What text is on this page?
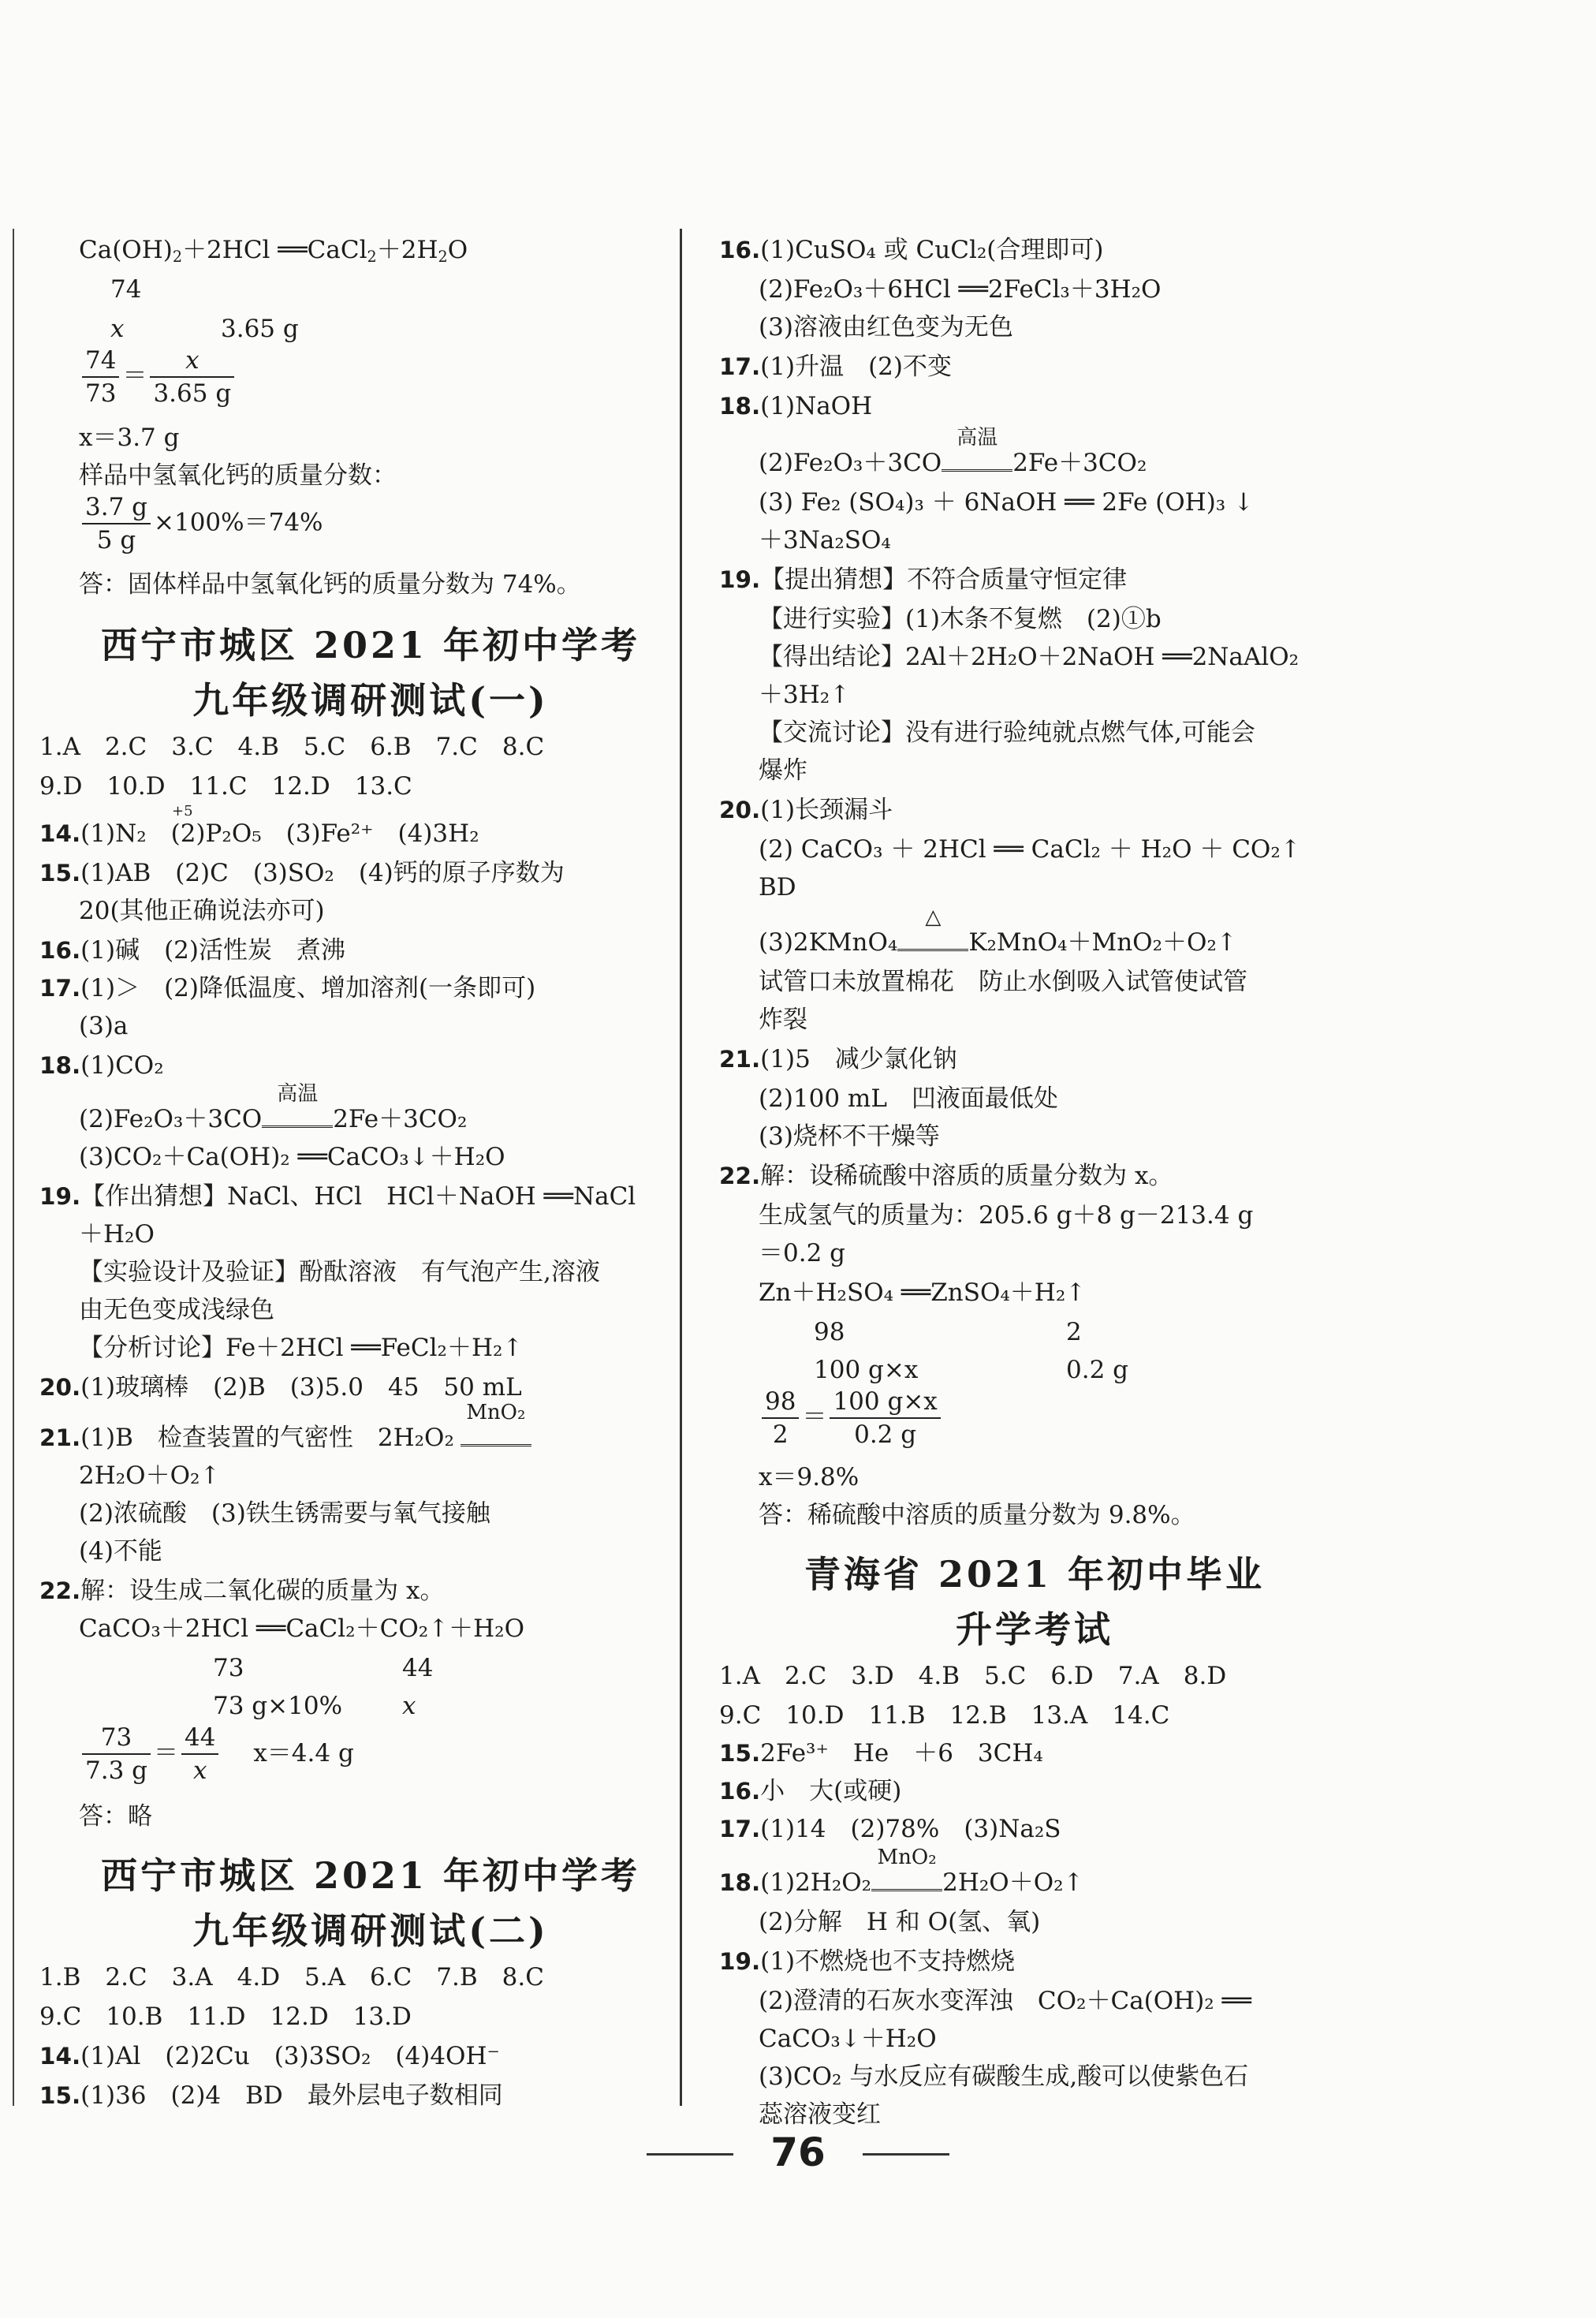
$Ca(OH)_2+2HCl$ $══CaCl_2+2H_2O$
74
x	3.65 g
$\frac{74}{73} = \frac{x}{3.65 g}$
x＝3.7 g
样品中氢氧化钙的质量分数：
$\frac{3.7 g}{5 g} \times 100\%=74\%$
答：固体样品中氢氧化钙的质量分数为 74%。
西宁市城区 2021 年初中学考
九年级调研测试(一)
1.A　2.C　3.C　4.B　5.C　6.B　7.C　8.C
9.D　10.D　11.C　12.D　13.C
14.(1)N₂　(2)P₂O₅　(3)Fe²⁺　(4)3H₂
+5
15.(1)AB　(2)C　(3)SO₂　(4)钙的原子序数为
20(其他正确说法亦可)
16.(1)碱　(2)活性炭　煮沸
17.(1)＞　(2)降低温度、增加溶剂(一条即可)
(3)a
18.(1)CO₂
(2)Fe₂O₃＋3CO
高温
2Fe＋3CO₂
(3)CO₂＋Ca(OH)₂ ══CaCO₃↓＋H₂O
19.【作出猜想】NaCl、HCl　HCl＋NaOH ══NaCl
＋H₂O
【实验设计及验证】酚酞溶液　有气泡产生,溶液
由无色变成浅绿色
【分析讨论】Fe＋2HCl ══FeCl₂＋H₂↑
20.(1)玻璃棒　(2)B　(3)5.0　45　50 mL
21.(1)B　检查装置的气密性　2H₂O₂
MnO₂
2H₂O＋O₂↑
(2)浓硫酸　(3)铁生锈需要与氧气接触
(4)不能
22.解：设生成二氧化碳的质量为 x。
CaCO₃＋2HCl ══CaCl₂＋CO₂↑＋H₂O
73	44
73 g×10% x
$\frac{73}{7.3 g} = \frac{44}{x} x=4.4$ g
答：略
西宁市城区 2021 年初中学考
九年级调研测试(二)
1.B　2.C　3.A　4.D　5.A　6.C　7.B　8.C
9.C　10.B　11.D　12.D　13.D
14.(1)Al　(2)2Cu　(3)3SO₂　(4)4OH⁻
15.(1)36　(2)4　BD　最外层电子数相同
16.(1)CuSO₄ 或 CuCl₂(合理即可)
(2)Fe₂O₃＋6HCl ══2FeCl₃＋3H₂O
(3)溶液由红色变为无色
17.(1)升温　(2)不变
18.(1)NaOH
(2)Fe₂O₃＋3CO
高温
2Fe＋3CO₂
(3) Fe₂ (SO₄)₃ ＋ 6NaOH ══ 2Fe (OH)₃ ↓
＋3Na₂SO₄
19.【提出猜想】不符合质量守恒定律
【进行实验】(1)木条不复燃　(2)①b
【得出结论】2Al＋2H₂O＋2NaOH ══2NaAlO₂
＋3H₂↑
【交流讨论】没有进行验纯就点燃气体,可能会
爆炸
20.(1)长颈漏斗
(2) CaCO₃ ＋ 2HCl ══ CaCl₂ ＋ H₂O ＋ CO₂↑
BD
(3)2KMnO₄
△
K₂MnO₄＋MnO₂＋O₂↑
试管口未放置棉花　防止水倒吸入试管使试管
炸裂
21.(1)5　减少氯化钠
(2)100 mL　凹液面最低处
(3)烧杯不干燥等
22.解：设稀硫酸中溶质的质量分数为 x。
生成氢气的质量为：205.6 g＋8 g－213.4 g
＝0.2 g
Zn＋H₂SO₄ ══ZnSO₄＋H₂↑
98	2
100 g×x	0.2 g
$\frac{98}{2} = \frac{100 g\times x}{0.2 g}$
x＝9.8%
答：稀硫酸中溶质的质量分数为 9.8%。
青海省 2021 年初中毕业
升学考试
1.A　2.C　3.D　4.B　5.C　6.D　7.A　8.D
9.C　10.D　11.B　12.B　13.A　14.C
15.2Fe³⁺　He　＋6　3CH₄
16.小　大(或硬)
17.(1)14　(2)78%　(3)Na₂S
18.(1)2H₂O₂
MnO₂
2H₂O＋O₂↑
(2)分解　H 和 O(氢、氧)
19.(1)不燃烧也不支持燃烧
(2)澄清的石灰水变浑浊　CO₂＋Ca(OH)₂ ══
CaCO₃↓＋H₂O
(3)CO₂ 与水反应有碳酸生成,酸可以使紫色石
蕊溶液变红
76
